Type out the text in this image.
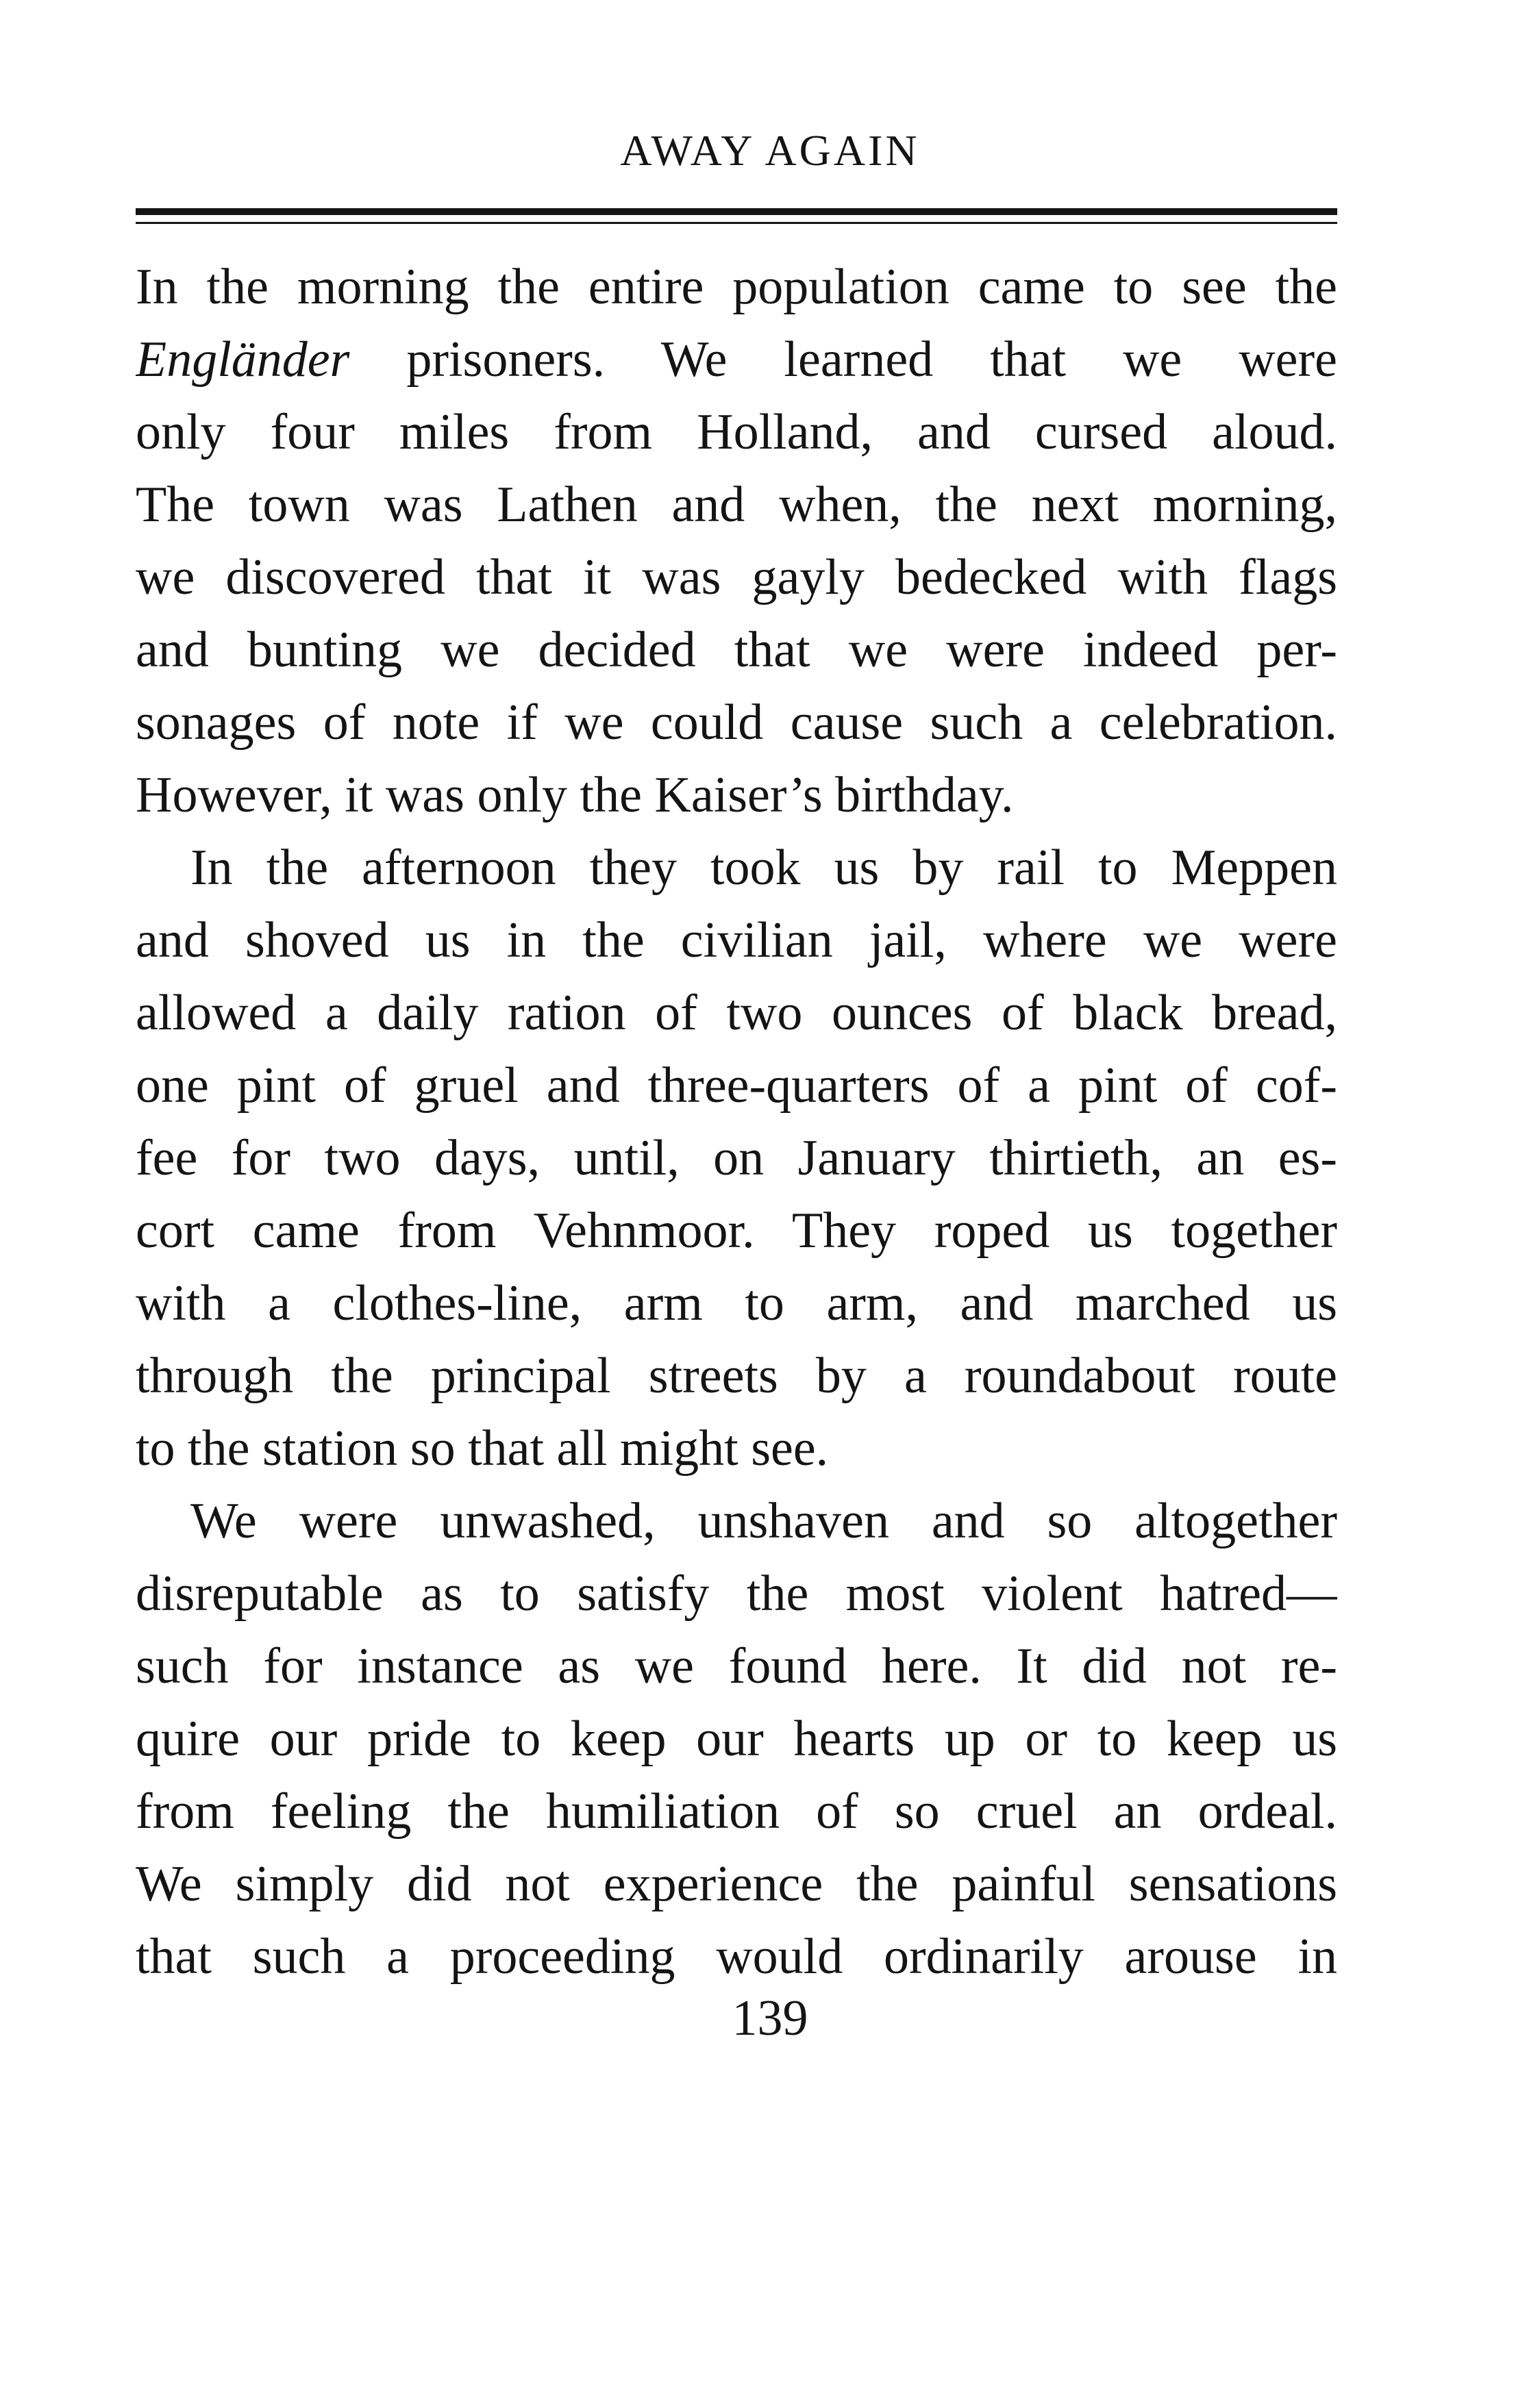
AWAY AGAIN
In the morning the entire population came to see the
Engländer prisoners. We learned that we were
only four miles from Holland, and cursed aloud.
The town was Lathen and when, the next morning,
we discovered that it was gayly bedecked with flags
and bunting we decided that we were indeed per-
sonages of note if we could cause such a celebration.
However, it was only the Kaiser’s birthday.
In the afternoon they took us by rail to Meppen
and shoved us in the civilian jail, where we were
allowed a daily ration of two ounces of black bread,
one pint of gruel and three-quarters of a pint of cof-
fee for two days, until, on January thirtieth, an es-
cort came from Vehnmoor. They roped us together
with a clothes-line, arm to arm, and marched us
through the principal streets by a roundabout route
to the station so that all might see.
We were unwashed, unshaven and so altogether
disreputable as to satisfy the most violent hatred—
such for instance as we found here. It did not re-
quire our pride to keep our hearts up or to keep us
from feeling the humiliation of so cruel an ordeal.
We simply did not experience the painful sensations
that such a proceeding would ordinarily arouse in
139
